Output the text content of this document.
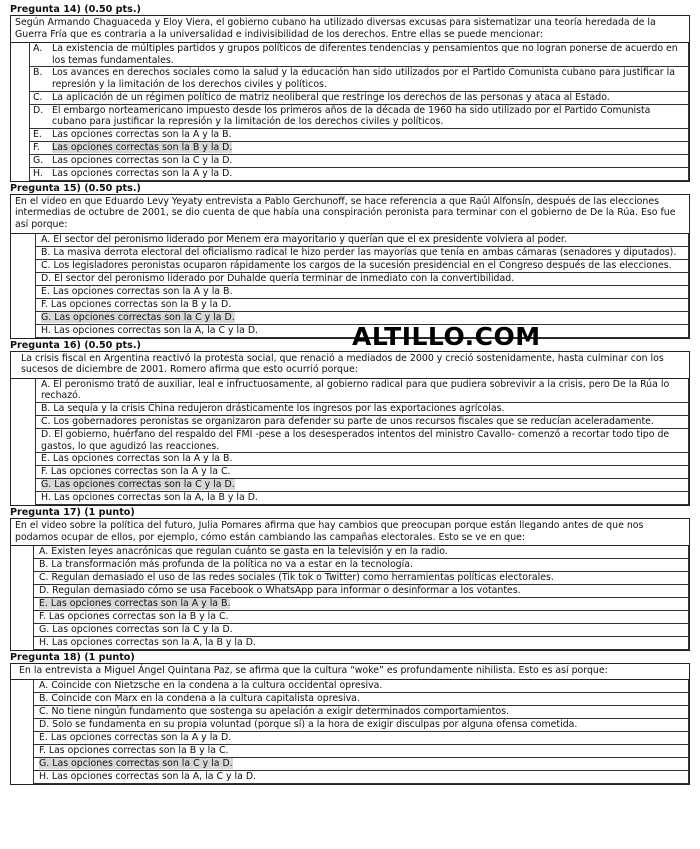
Pregunta 14) (0.50 pts.)
Según Armando Chaguaceda y Eloy Viera, el gobierno cubano ha utilizado diversas excusas para sistematizar una teoría heredada de la Guerra Fría que es contraria a la universalidad e indivisibilidad de los derechos. Entre ellas se puede mencionar:
A.	La existencia de múltiples partidos y grupos políticos de diferentes tendencias y pensamientos que no logran ponerse de acuerdo en los temas fundamentales.
B.	Los avances en derechos sociales como la salud y la educación han sido utilizados por el Partido Comunista cubano para justificar la represión y la limitación de los derechos civiles y políticos.
C.	La aplicación de un régimen político de matriz neoliberal que restringe los derechos de las personas y ataca al Estado.
D. El embargo norteamericano impuesto desde los primeros años de la década de 1960 ha sido utilizado por el Partido Comunista cubano para justificar la represión y la limitación de los derechos civiles y políticos.
E.	Las opciones correctas son la A y la B.
F.	Las opciones correctas son la B y la D.
G. Las opciones correctas son la C y la D.
H. Las opciones correctas son la A y la D.
Pregunta 15) (0.50 pts.)
En el video en que Eduardo Levy Yeyaty entrevista a Pablo Gerchunoff, se hace referencia a que Raúl Alfonsín, después de las elecciones intermedias de octubre de 2001, se dio cuenta de que había una conspiración peronista para terminar con el gobierno de De la Rúa. Eso fue así porque:
A. El sector del peronismo liderado por Menem era mayoritario y querían que el ex presidente volviera al poder.
B. La masiva derrota electoral del oficialismo radical le hizo perder las mayorías que tenía en ambas cámaras (senadores y diputados).
C. Los legisladores peronistas ocuparon rápidamente los cargos de la sucesión presidencial en el Congreso después de las elecciones.
D. El sector del peronismo liderado por Duhalde quería terminar de inmediato con la convertibilidad.
E. Las opciones correctas son la A y la B.
F. Las opciones correctas son la B y la D.
G. Las opciones correctas son la C y la D.
H. Las opciones correctas son la A, la C y la D.
Pregunta 16) (0.50 pts.)
La crisis fiscal en Argentina reactivó la protesta social, que renació a mediados de 2000 y creció sostenidamente, hasta culminar con los sucesos de diciembre de 2001. Romero afirma que esto ocurrió porque:
A. El peronismo trató de auxiliar, leal e infructuosamente, al gobierno radical para que pudiera sobrevivir a la crisis, pero De la Rúa lo rechazó.
B. La sequía y la crisis China redujeron drásticamente los ingresos por las exportaciones agrícolas.
C. Los gobernadores peronistas se organizaron para defender su parte de unos recursos fiscales que se reducían aceleradamente.
D. El gobierno, huérfano del respaldo del FMI -pese a los desesperados intentos del ministro Cavallo- comenzó a recortar todo tipo de gastos, lo que agudizó las reacciones.
E. Las opciones correctas son la A y la B.
F. Las opciones correctas son la A y la C.
G. Las opciones correctas son la C y la D.
H. Las opciones correctas son la A, la B y la D.
Pregunta 17) (1 punto)
En el video sobre la política del futuro, Julia Pomares afirma que hay cambios que preocupan porque están llegando antes de que nos podamos ocupar de ellos, por ejemplo, cómo están cambiando las campañas electorales. Esto se ve en que:
A. Existen leyes anacrónicas que regulan cuánto se gasta en la televisión y en la radio.
B. La transformación más profunda de la política no va a estar en la tecnología.
C. Regulan demasiado el uso de las redes sociales (Tik tok o Twitter) como herramientas políticas electorales.
D. Regulan demasiado cómo se usa Facebook o WhatsApp para informar o desinformar a los votantes.
E. Las opciones correctas son la A y la B.
F. Las opciones correctas son la B y la C.
G. Las opciones correctas son la C y la D.
H. Las opciones correctas son la A, la B y la D.
Pregunta 18) (1 punto)
En la entrevista a Miguel Ángel Quintana Paz, se afirma que la cultura “woke” es profundamente nihilista. Esto es así porque:
A. Coincide con Nietzsche en la condena a la cultura occidental opresiva.
B. Coincide con Marx en la condena a la cultura capitalista opresiva.
C. No tiene ningún fundamento que sostenga su apelación a exigir determinados comportamientos.
D. Solo se fundamenta en su propia voluntad (porque sí) a la hora de exigir disculpas por alguna ofensa cometida.
E. Las opciones correctas son la A y la D.
F. Las opciones correctas son la B y la C.
G. Las opciones correctas son la C y la D.
H. Las opciones correctas son la A, la C y la D.
ALTILLO.COM
